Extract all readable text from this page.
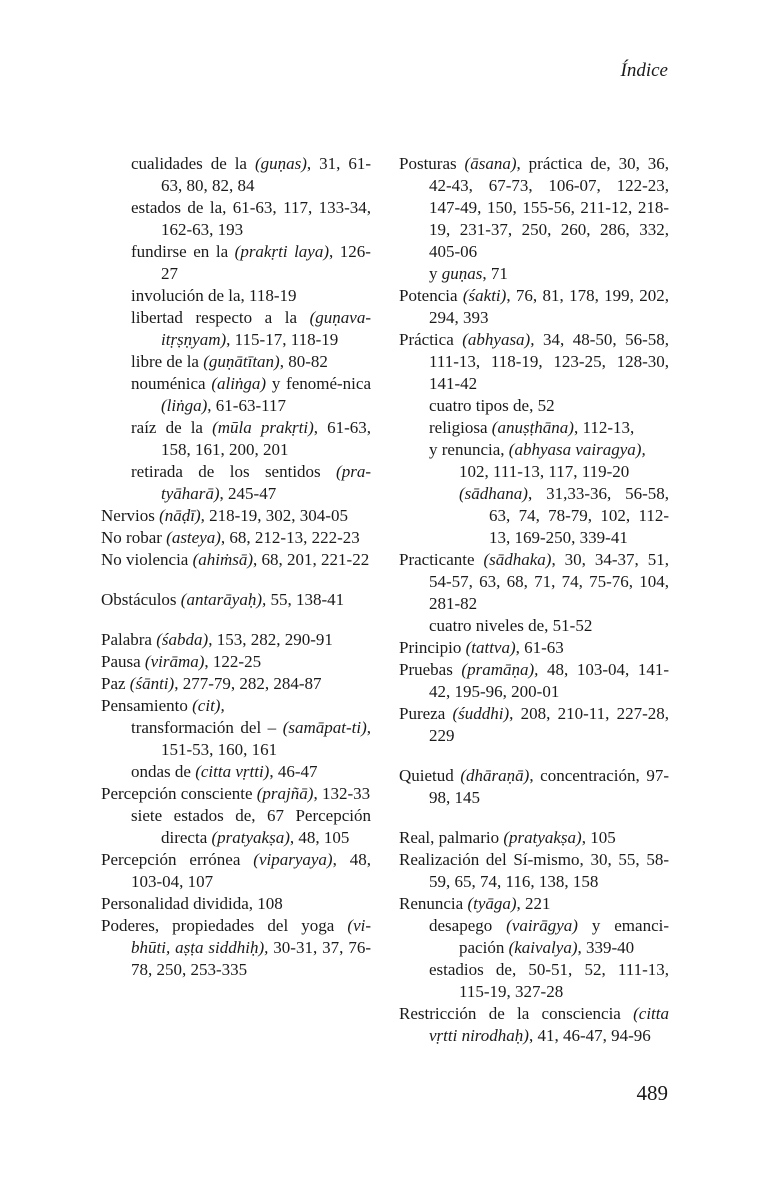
Índice
cualidades de la (guṇas), 31, 61-63, 80, 82, 84
estados de la, 61-63, 117, 133-34, 162-63, 193
fundirse en la (prakṛti laya), 126-27
involución de la, 118-19
libertad respecto a la (guṇava-itṛṣṇyam), 115-17, 118-19
libre de la (guṇātītan), 80-82
nouménica (aliṅga) y fenomé-nica (liṅga), 61-63-117
raíz de la (mūla prakṛti), 61-63, 158, 161, 200, 201
retirada de los sentidos (pra-tyāharā), 245-47
Nervios (nāḍī), 218-19, 302, 304-05
No robar (asteya), 68, 212-13, 222-23
No violencia (ahiṁsā), 68, 201, 221-22
Obstáculos (antarāyaḥ), 55, 138-41
Palabra (śabda), 153, 282, 290-91
Pausa (virāma), 122-25
Paz (śānti), 277-79, 282, 284-87
Pensamiento (cit),
transformación del – (samāpat-ti), 151-53, 160, 161
ondas de (citta vṛtti), 46-47
Percepción consciente (prajñā), 132-33
siete estados de, 67 Percepción directa (pratyakṣa), 48, 105
Percepción errónea (viparyaya), 48, 103-04, 107
Personalidad dividida, 108
Poderes, propiedades del yoga (vi-bhūti, aṣṭa siddhiḥ), 30-31, 37, 76-78, 250, 253-335
Posturas (āsana), práctica de, 30, 36, 42-43, 67-73, 106-07, 122-23, 147-49, 150, 155-56, 211-12, 218-19, 231-37, 250, 260, 286, 332, 405-06
y guṇas, 71
Potencia (śakti), 76, 81, 178, 199, 202, 294, 393
Práctica (abhyasa), 34, 48-50, 56-58, 111-13, 118-19, 123-25, 128-30, 141-42
cuatro tipos de, 52
religiosa (anuṣṭhāna), 112-13,
y renuncia, (abhyasa vairagya),
102, 111-13, 117, 119-20
(sādhana), 31,33-36, 56-58, 63, 74, 78-79, 102, 112-13, 169-250, 339-41
Practicante (sādhaka), 30, 34-37, 51, 54-57, 63, 68, 71, 74, 75-76, 104, 281-82
cuatro niveles de, 51-52
Principio (tattva), 61-63
Pruebas (pramāṇa), 48, 103-04, 141-42, 195-96, 200-01
Pureza (śuddhi), 208, 210-11, 227-28, 229
Quietud (dhāraṇā), concentración, 97-98, 145
Real, palmario (pratyakṣa), 105
Realización del Sí-mismo, 30, 55, 58-59, 65, 74, 116, 138, 158
Renuncia (tyāga), 221
desapego (vairāgya) y emanci-pación (kaivalya), 339-40
estadios de, 50-51, 52, 111-13, 115-19, 327-28
Restricción de la consciencia (citta vṛtti nirodhaḥ), 41, 46-47, 94-96
489
